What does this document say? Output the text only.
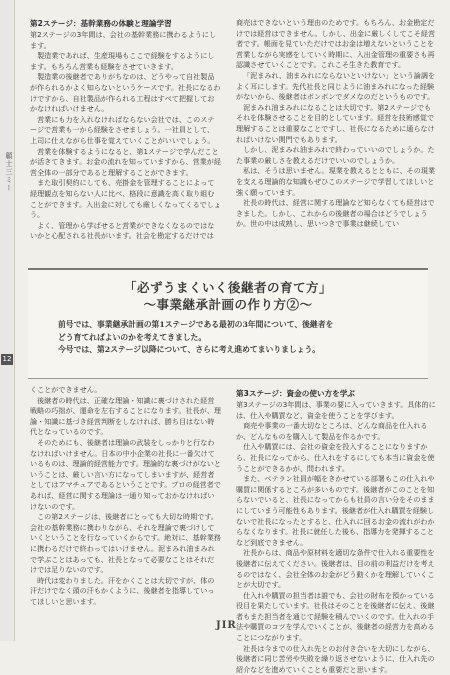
顧士三ミー
12
第2ステージ：基幹業務の体験と理論学習

第2ステージの3年間は、会社の基幹業務に携わるようにします。

製造業であれば、生産現場もここで経験をするようにします。もちろん営業も経験をさせていきます。

製造業の後継者でありがちなのは、どうやって自社製品が作られるかよく知らないというケースです。社長になるわけですから、自社製品が作られる工程はすべて把握しておかなければいけません。

営業にも力を入れなければならない会社では、このステージで営業も一から経験をさせましょう。一社員として、上司に仕えながら仕事を覚えていくことがいいでしょう。

営業を体験するようになると、第1ステージで学んだことが活きてきます。お金の流れを知っていますから、営業が経営全体の一部分であると理解することができます。

また取引契約にしても、売掛金を管理することによって経理観点を知らない人に比べ、格段に意識を高く取り組むことができます。入出金に対しても厳しくなってくるでしょう。

よく、管理から学ばせると営業ができなくなるのではないかと心配される社長がいます。社会を勘定するだけでは

商売はできないという理由のためです。もちろん、お金勘定だけでは経営はできません。しかし、出金に厳しくしてこそ経営者です。帳面を見ていただけではお金は増えないということを営業しながら実感をしていく時期に、入出金管理の重要さも再認識させていくことです。これこそ生きた教育です。

「泥まみれ、油まみれにならないといけない」という論調をよく耳にします。先代社長と同じように油まみれになった経験がないから、後継者はボンボンでダメなのだというものです。

泥まみれ油まみれになることは大切です。第2ステージでもそれを体験させることを目的としています。経営を技術感覚で理解することは重要なことですし、社長になるために通らなければいけない関門でもあります。

しかし、泥まみれ油まみれで終わっていいのでしょうか。たた事業の厳しさを教えるだけでいいのでしょうか。

私は、そうは思いません。現業を教えるとともに、その現業を支える理論的な知識もぜひこのステージで学習してほしいと強く願っています。

社長の時代は、経営に関する理論など知らなくても経営はできました。しかし、これからの後継者の場合はどうでしょうか。世の中は成熟し、思いつきで事業は継続してい

「必ずうまくいく後継者の育て方」
〜事業継承計画の作り方②〜

前号では、事業継承計画の第1ステージである最初の3年間について、後継者を

どう育てればよいのかを考えてきました。

今号では、第2ステージ以降について、さらに考え進めてまいりましょう。

くことができません。

後継者の時代は、正確な理論・知識に裏づけされた経営戦略の巧拙が、運命を左右することになります。社長が、理論・知識に基づき経営判断をしなければ、勝ち目はない時代となっているのです。

そのためにも、後継者は理論の武装をしっかりと行なわなければいけません。日本の中小企業の社長に一番欠けているものは、理論的経営能力です。理論的な裏づけがないということは、厳しい言い方になってしまいますが、経営者としてはアマチュアであるということです。プロの経営者であれば、経営に関する理論は一通り知っておかなければいけないのです。

この第2ステージは、後継者にとっても大切な時期です。会社の基幹業務に携わりながら、それを理論で裏づけしていくということを行なっていくからです。絶対に、基幹業務に携わるだけで終わってはいけません。泥まみれ油まみれで学ぶことはあっても、社長となって必要なことはそれだけでは足りないのです。

時代は変わりました。汗をかくことは大切ですが、体の汗だけでなく頭の汗もかくように、後継者を指導していってほしいと思います。

第3ステージ：資金の使い方を学ぶ

第3ステージの3年間は、事業の要に入っていきます。具体的には、仕入や購買など、資金を使うことを学びます。

商売や事業の一番大切なところは、どんな商品を仕入れるか、どんなものを購入して製品を作るかです。

仕入や購買には、会社の資金を投入することになりますから、社長になってから、仕入れをするにしても本当に資金を使うことができるかが、問われます。

また、ベテラン社員が幅をきかせている部署もこの仕入れや購買に関係するところが多いものです。後継者がこのことを知らないでいると、社長になってからも社員の言い分をそのままにしていまう可能性もあります。後継者が仕入れ購買を経験しないで社長になったとすると、仕入れに回るお金の流れがわからなくなります。社長に就任した後も、指導力を発揮することなど到底できません。

社長からは、商品や原材料を適切な条件で仕入れる重要性を後継者に伝えてください。後継者は、目の前の利益だけを考えるのではなく、会社全体のお金がどう動くかを理解していくことが大切です。

仕入れや購買の担当者は誰でも、会社の財布を預かっている役目を果たしています。社長はそのことを後継者に伝え、後継者もまた担当者を通じて経験を積んでいくのです。仕入れの手法や購買のコツを学んでいくことが、後継者の経営力を高めることにつながります。

社長は今までの仕入れ先とのお付き合いを大切にしながら、後継者に同じ苦労や失敗を繰り返させないように、仕入れ先の紹介などを進めていくことも重要だと思います。

JIR
